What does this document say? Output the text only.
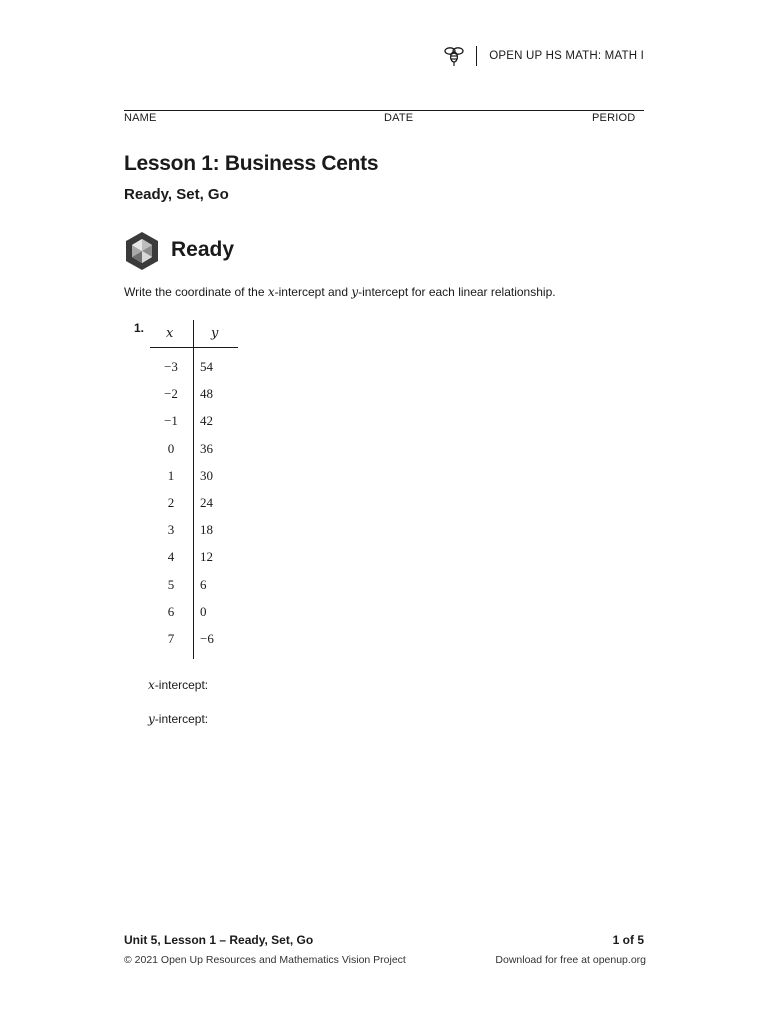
OPEN UP HS MATH: MATH I
NAME	DATE	PERIOD
Lesson 1: Business Cents
Ready, Set, Go
Ready
Write the coordinate of the x-intercept and y-intercept for each linear relationship.
1. x	y
−3	54
−2	48
−1	42
0	36
1	30
2	24
3	18
4	12
5	6
6	0
7	−6
x-intercept:
y-intercept:
Unit 5, Lesson 1 – Ready, Set, Go
© 2021 Open Up Resources and Mathematics Vision Project
1 of 5
Download for free at openup.org
